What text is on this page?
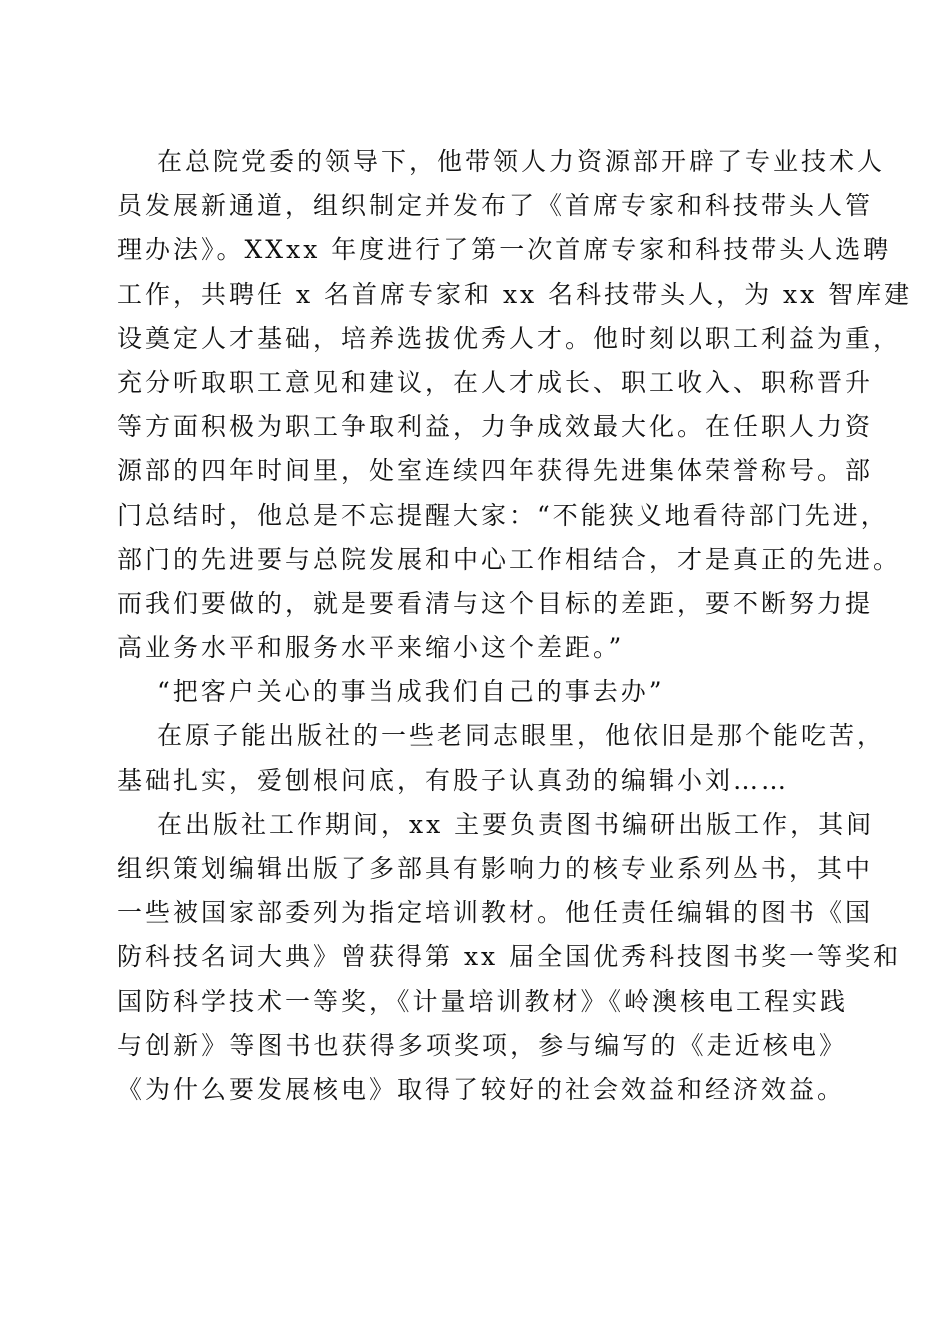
在总院党委的领导下，他带领人力资源部开辟了专业技术人
员发展新通道，组织制定并发布了《首席专家和科技带头人管
理办法》。XXxx 年度进行了第一次首席专家和科技带头人选聘
工作，共聘任 x 名首席专家和 xx 名科技带头人，为 xx 智库建
设奠定人才基础，培养选拔优秀人才。他时刻以职工利益为重，
充分听取职工意见和建议，在人才成长、职工收入、职称晋升
等方面积极为职工争取利益，力争成效最大化。在任职人力资
源部的四年时间里，处室连续四年获得先进集体荣誉称号。部
门总结时，他总是不忘提醒大家：“不能狭义地看待部门先进，
部门的先进要与总院发展和中心工作相结合，才是真正的先进。
而我们要做的，就是要看清与这个目标的差距，要不断努力提
高业务水平和服务水平来缩小这个差距。”
“把客户关心的事当成我们自己的事去办”
在原子能出版社的一些老同志眼里，他依旧是那个能吃苦，
基础扎实，爱刨根问底，有股子认真劲的编辑小刘……
在出版社工作期间，xx 主要负责图书编研出版工作，其间
组织策划编辑出版了多部具有影响力的核专业系列丛书，其中
一些被国家部委列为指定培训教材。他任责任编辑的图书《国
防科技名词大典》曾获得第 xx 届全国优秀科技图书奖一等奖和
国防科学技术一等奖，《计量培训教材》《岭澳核电工程实践
与创新》等图书也获得多项奖项，参与编写的《走近核电》
《为什么要发展核电》取得了较好的社会效益和经济效益。
